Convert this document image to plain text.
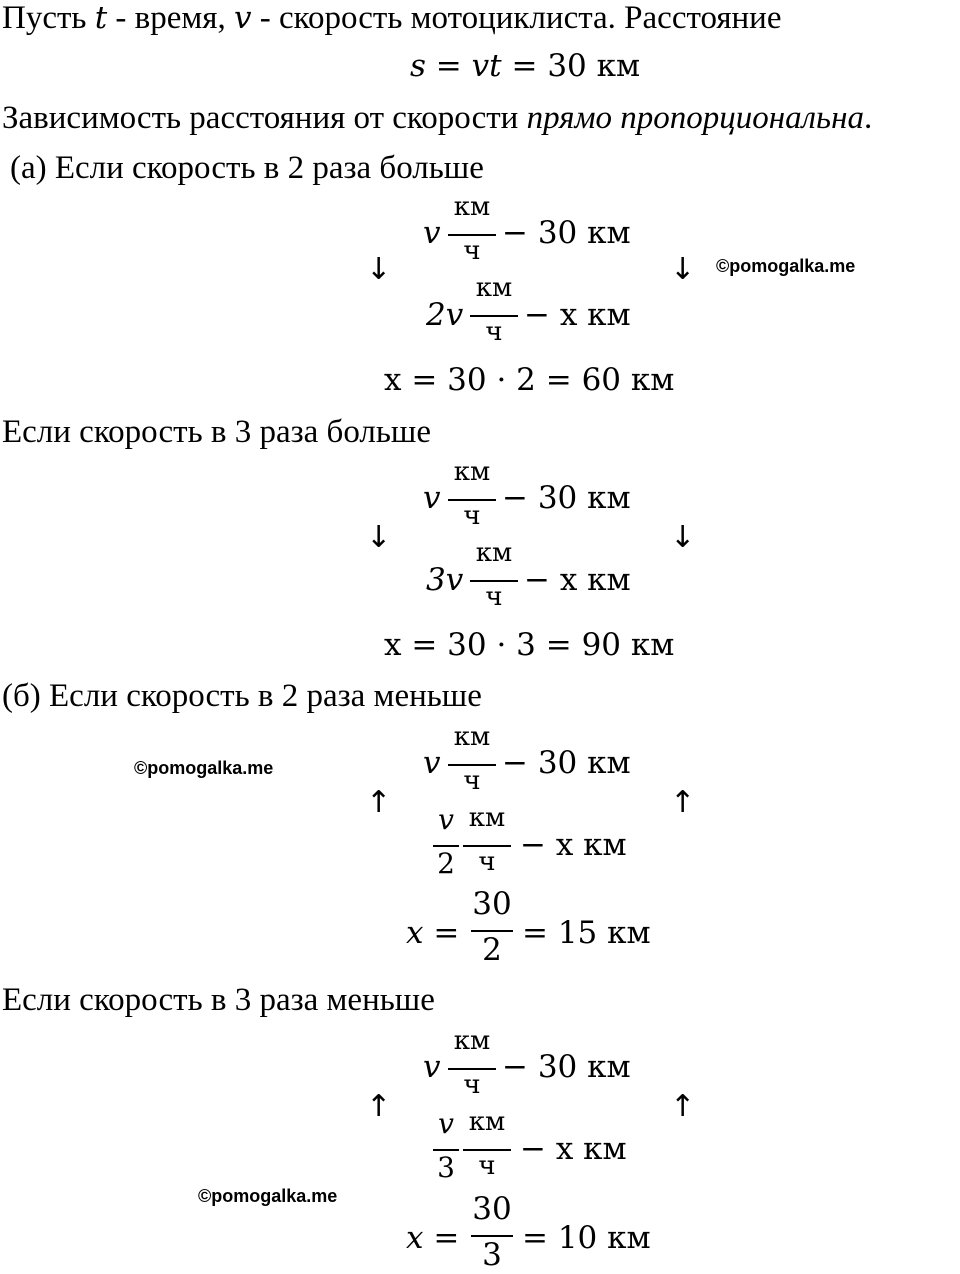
Пусть t - время, v - скорость мотоциклиста. Расстояние
s = vt = 30 км
Зависимость расстояния от скорости прямо пропорциональна.
(а) Если скорость в 2 раза больше
v
км
ч − 30 км
↓	↓ ©pomogalka.me
2v
км
ч − x км
x = 30 · 2 = 60 км
Если скорость в 3 раза больше
v
км
ч − 30 км
↓	↓
3v
км
ч − x км
x = 30 · 3 = 90 км
(б) Если скорость в 2 раза меньше
©pomogalka.me	v
км
ч − 30 км
↑	↑
v
2
км
ч − x км
x =
30
2 = 15 км
Если скорость в 3 раза меньше
v
км
ч − 30 км
↑	↑
v
3
км
ч − x км
©pomogalka.me
x =
30
3 = 10 км
